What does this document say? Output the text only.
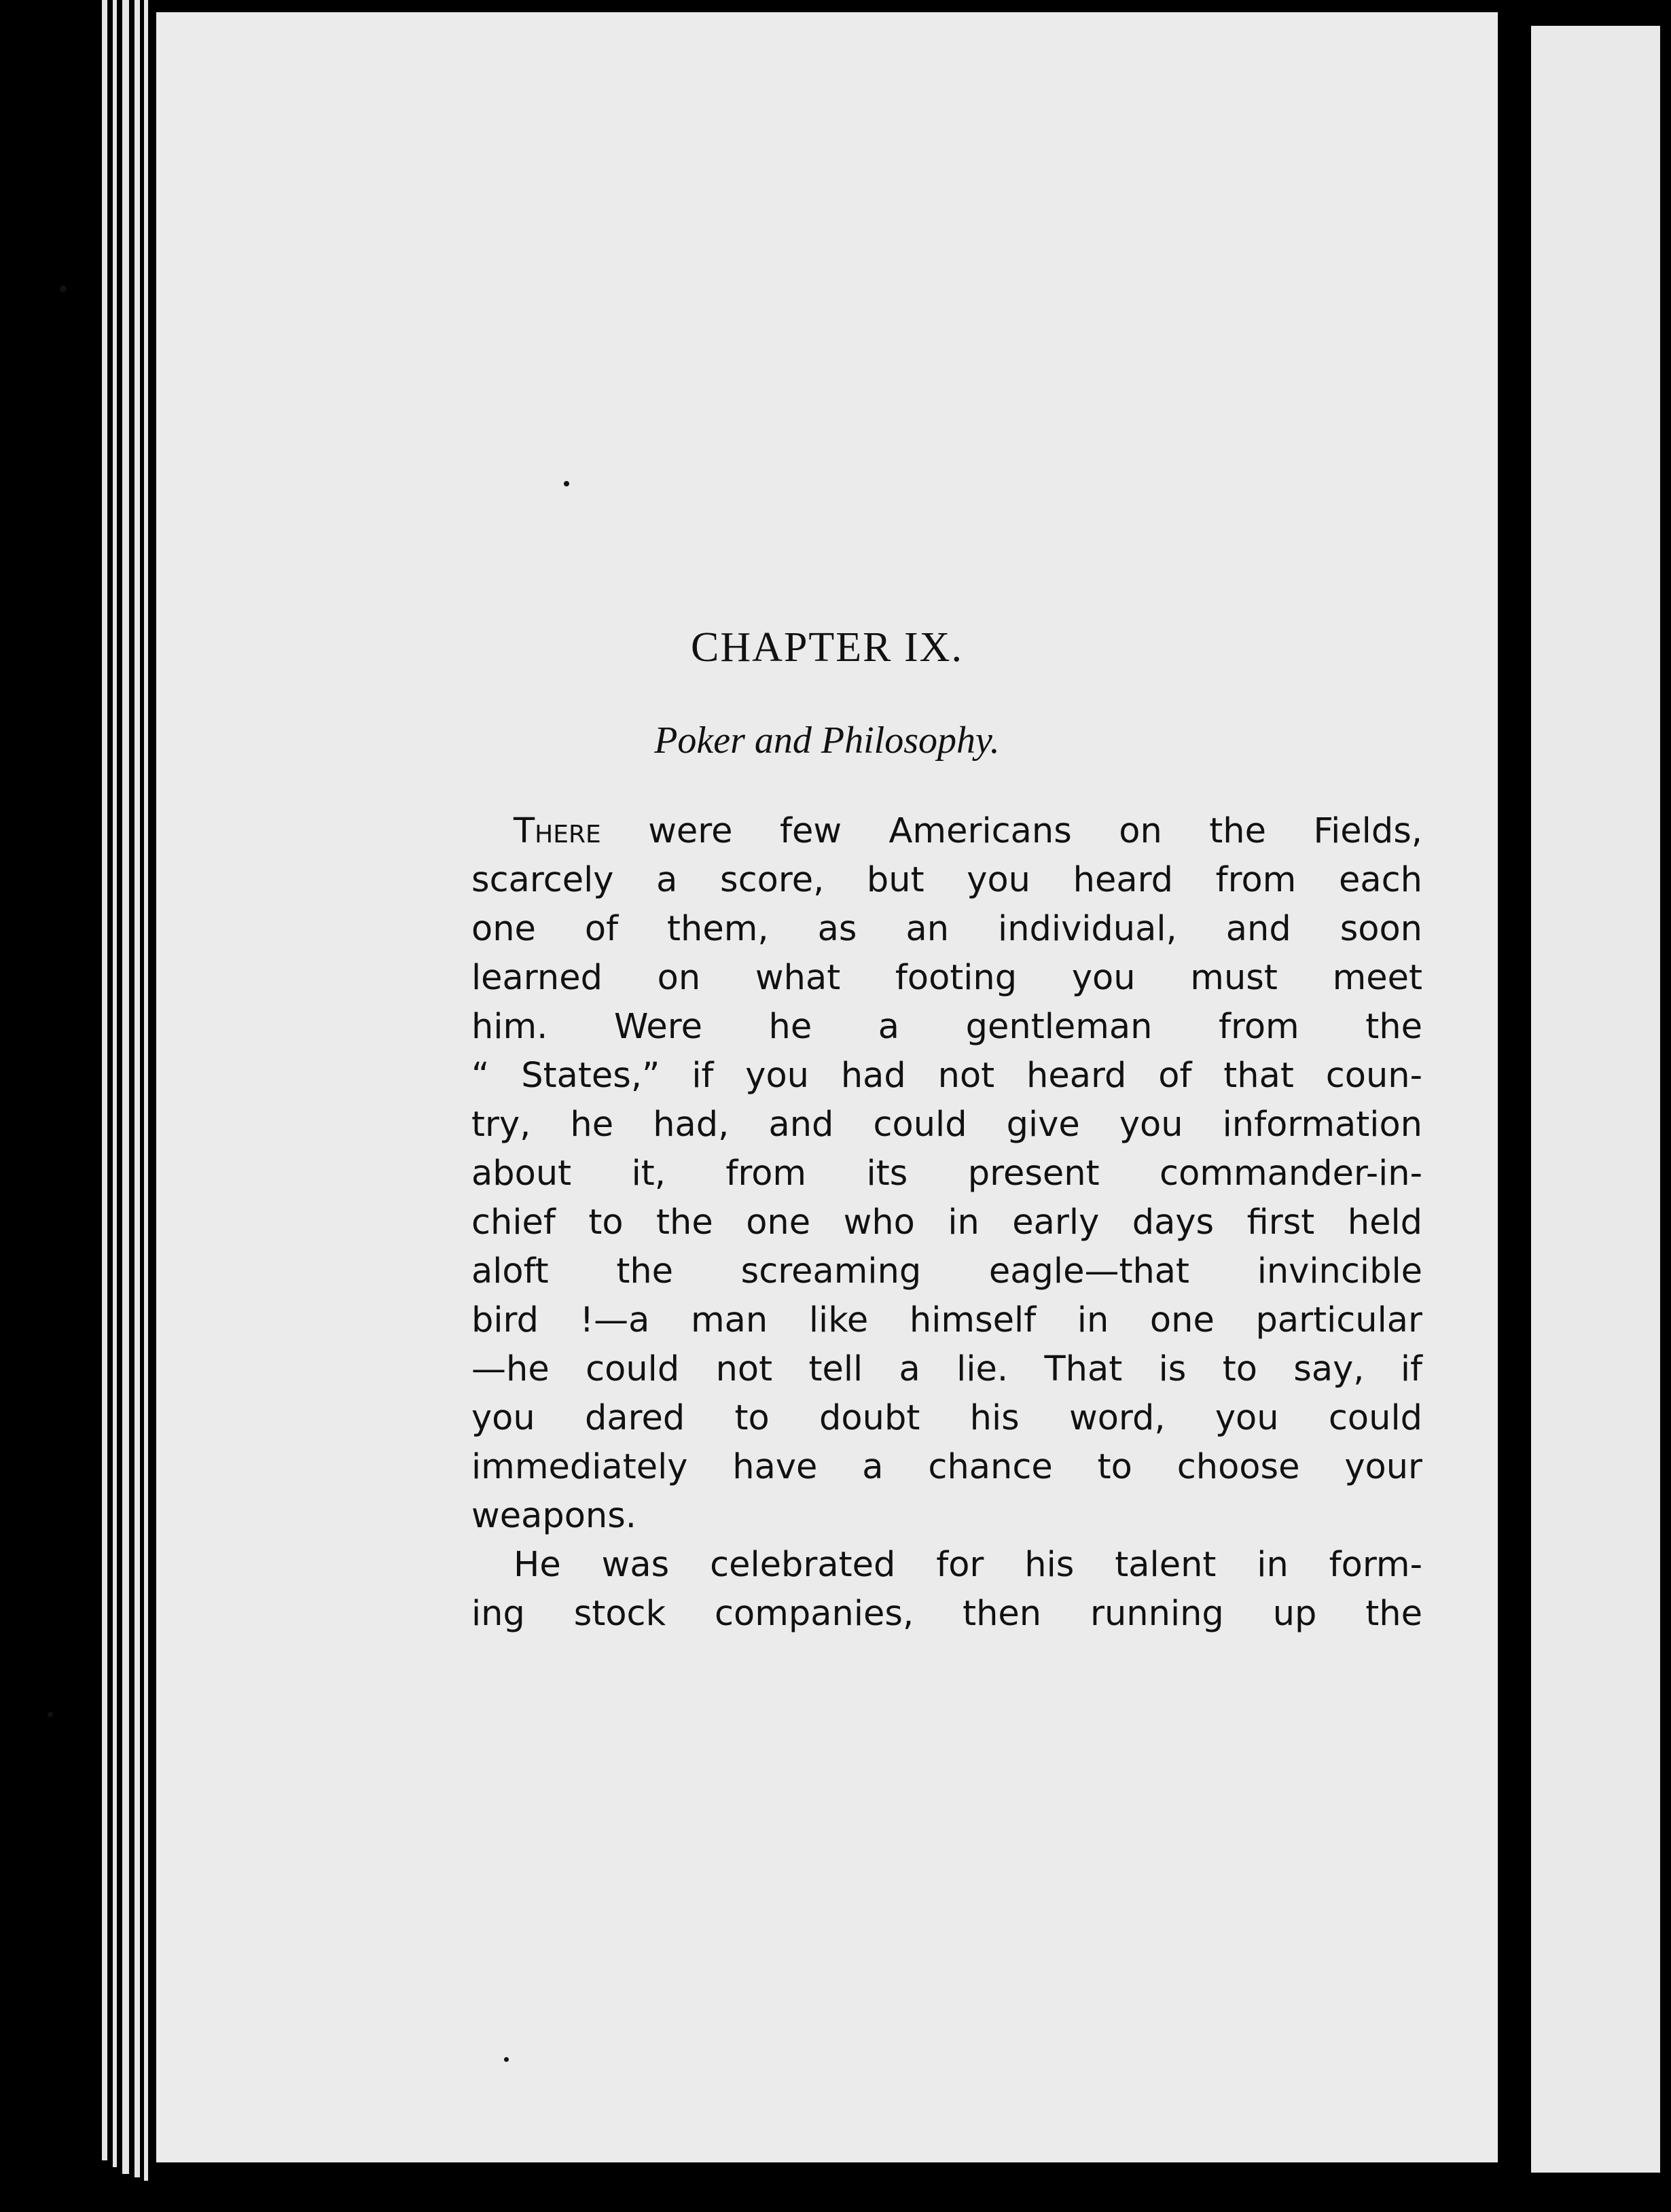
CHAPTER IX.
Poker and Philosophy.
There were few Americans on the Fields,
scarcely a score, but you heard from each
one of them, as an individual, and soon
learned on what footing you must meet
him. Were he a gentleman from the
“ States,” if you had not heard of that coun-
try, he had, and could give you information
about it, from its present commander-in-
chief to the one who in early days first held
aloft the screaming eagle—that invincible
bird !—a man like himself in one particular
—he could not tell a lie. That is to say, if
you dared to doubt his word, you could
immediately have a chance to choose your
weapons.
He was celebrated for his talent in form-
ing stock companies, then running up the
